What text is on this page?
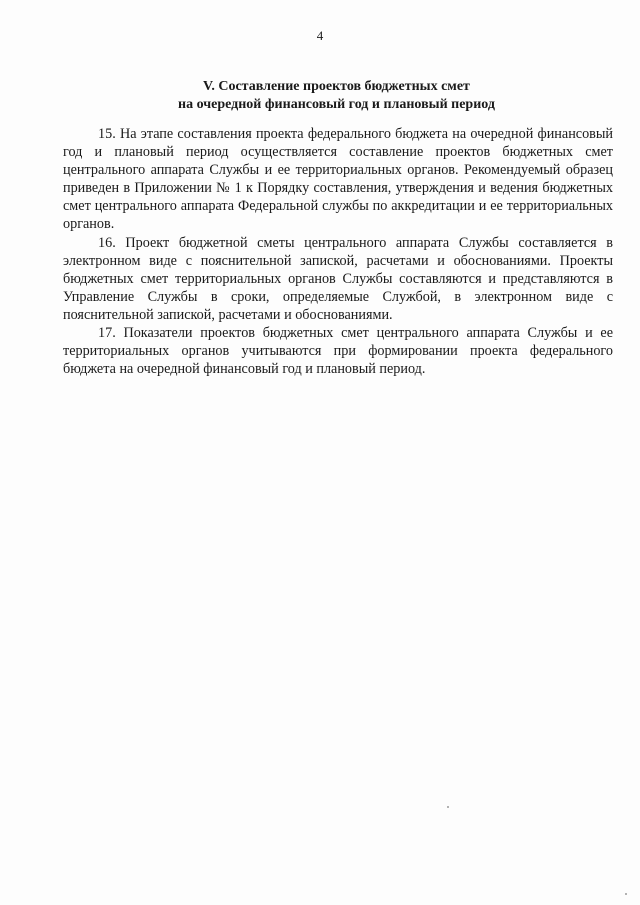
4
V. Составление проектов бюджетных смет
на очередной финансовый год и плановый период

15. На этапе составления проекта федерального бюджета на очередной финансовый год и плановый период осуществляется составление проектов бюджетных смет центрального аппарата Службы и ее территориальных органов. Рекомендуемый образец приведен в Приложении № 1 к Порядку составления, утверждения и ведения бюджетных смет центрального аппарата Федеральной службы по аккредитации и ее территориальных органов.

16. Проект бюджетной сметы центрального аппарата Службы составляется в электронном виде с пояснительной запиской, расчетами и обоснованиями. Проекты бюджетных смет территориальных органов Службы составляются и представляются в Управление Службы в сроки, определяемые Службой, в электронном виде с пояснительной запиской, расчетами и обоснованиями.

17. Показатели проектов бюджетных смет центрального аппарата Службы и ее территориальных органов учитываются при формировании проекта федерального бюджета на очередной финансовый год и плановый период.
